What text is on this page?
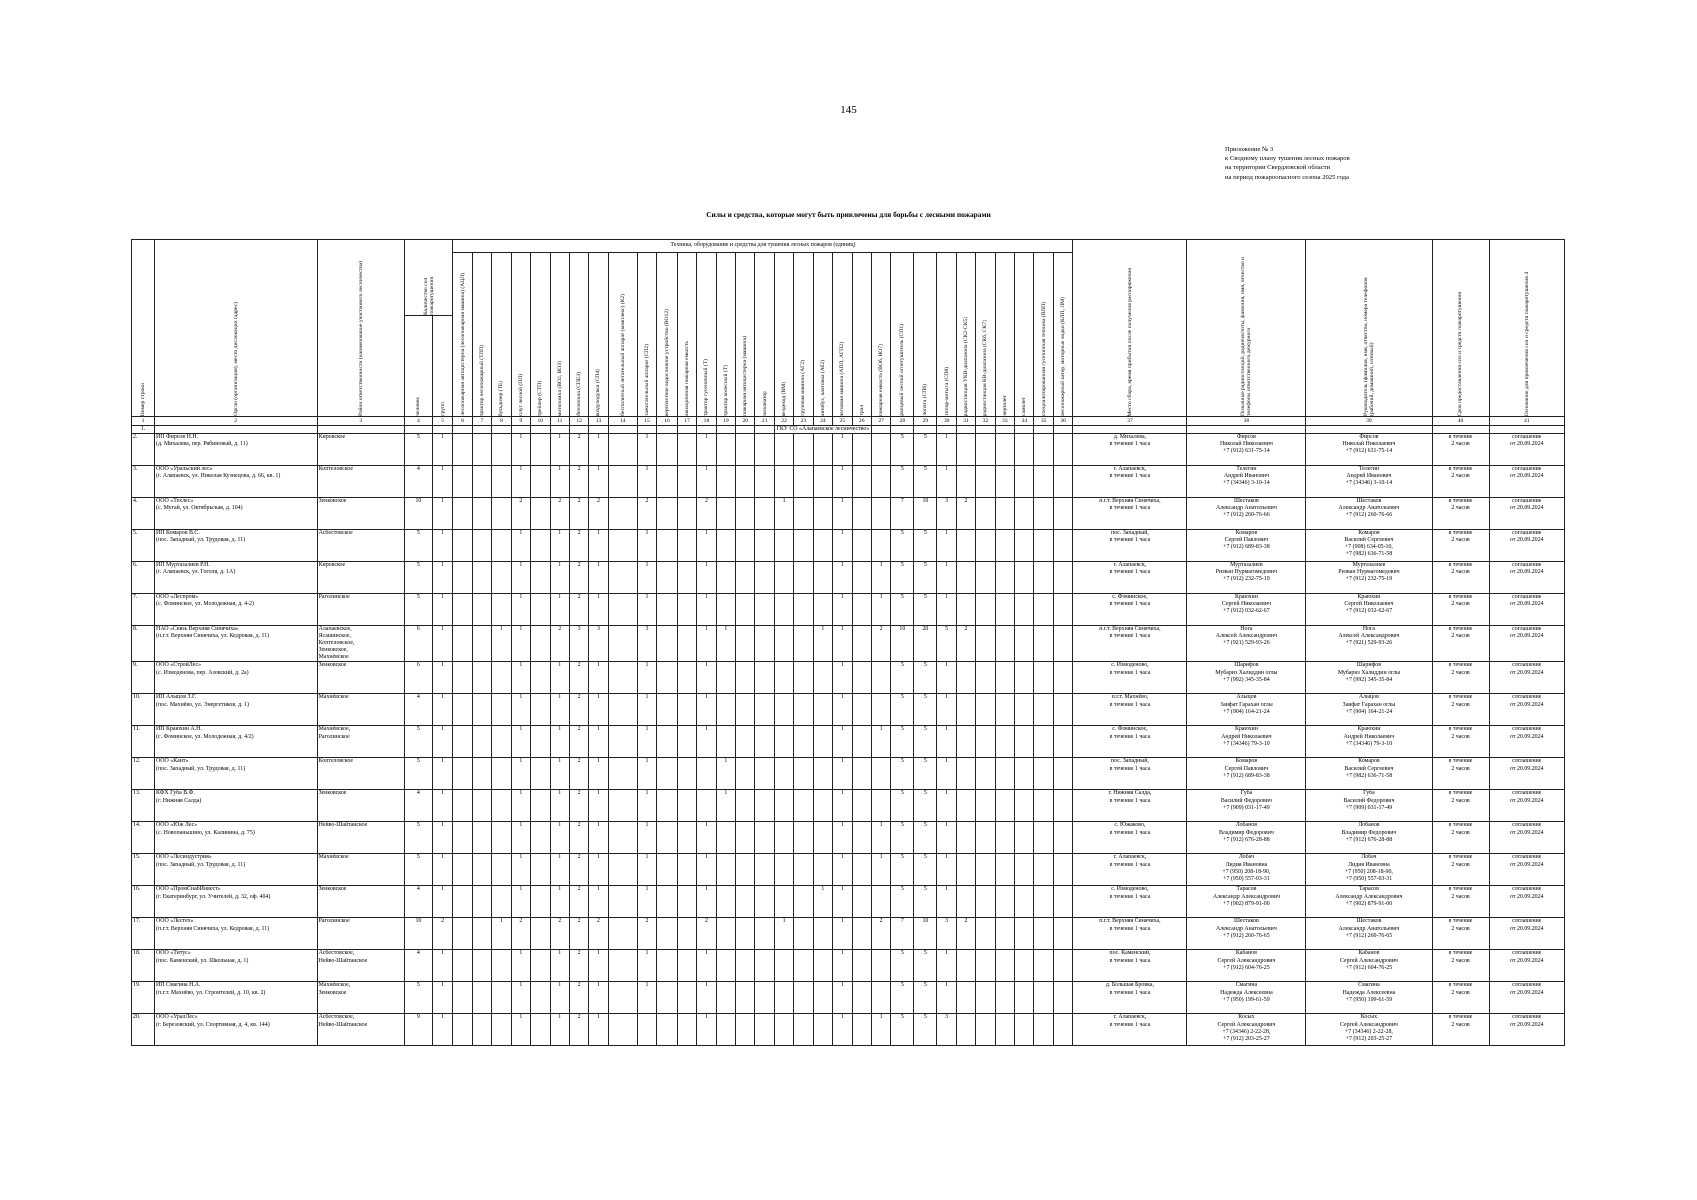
145
Приложение № 3
к Сводному плану тушения лесных пожаров
на территории Свердловской области
на период пожароопасного сезона 2025 года
Силы и средства, которые могут быть привлечены для борьбы с лесными пожарами
Номер строки	Орган (организация), место дислокации (адрес)	Район ответственности (наименование участкового лесничества)	Количество сил пожаротушения		Техника, оборудование и средства для тушения лесных пожаров (единиц)																															Место сбора, время прибытия после получения распоряжения	Позывные радиостанций, радиочастоты, фамилия, имя, отчество и телефоны ответственного дежурного	Руководитель (фамилия, имя, отчество, номера телефонов (рабочий, домашний, сотовый)	Срок предоставления сил и средств пожаротушения	Основание для привлечения сил и средств пожаротушения 4

					лесопожарная автоцистерна (лесопожарная машина) (АЦЛ)	трактор лесопожарный (ТЛП)	бульдозер (ТБ)	плуг лесной (ПЛ)	трейлер (СТП)	мотопомпа (ВО2, ВО3)	бензопила (СПЕ3)	воздуходувка (СП4)	беспилотный летательный аппарат (комплекс) (К2)	зажигательный аппарат (СП2)	вертолетное водосливное устройство (ВО12)	авиационная пожарная емкость	трактор гусеничный (Т)	трактор колесный (Т)	пожарная автоцистерна (машина)	экскаватор	вездеход (ВМ)	грузовая машина (АГ2)	автобус, вахтовка (Аб2)	легковая машина (АПЛ, АГП2)	трал	пожарная емкость (ВОб, ВО7)	ранцевый лесной огнетушитель (СП1)	лопата (СП6)	топор-мотыга (СП8)	радиостанция УКВ-диапазона (СК2-СК5)	радиостанция КВ-диапазона (СК6, СК7)	вертолет	самолет	специализированная гусеничная техника (ВЛП)	лесопожарный катер, моторные лодки (КЛП, ЛМ)					

			человек	групп																																				

1	2	3	4	5	6	7	8	9	10	11	12	13	14	15	16	17	18	19	20	21	22	23	24	25	26	27	28	29	30	31	32	33	34	35	36	37	38	39	40	41
1.																					ГКУ СО «Алапаевское лесничество»																			
2.	ИП Фирсов Н.Н.
(д. Михалева, пер. Рябиновый, д. 11)	Кировское	5	1				1		1	2	1		1			1							1			5	5	1							д. Михалева,
в течение 1 часа	Фирсов
Николай Николаевич
+7 (912) 631-75-14	Фирсов
Николай Николаевич
+7 (912) 631-75-14	в течение
2 часов	соглашение
от 20.09.2024
3.	ООО «Уральский лес»
(г. Алапаевск, ул. Николая Кузнецова, д. 66, кв. 1)	Коптеловское	4	1				1		1	2	1		1			1							1			5	5	1							г. Алапаевск,
в течение 1 часа	Телегин
Андрей Иванович
+7 (34346) 3-10-14	Телегин
Андрей Иванович
+7 (34346) 3-10-14	в течение
2 часов	соглашение
от 20.09.2024
4.	ООО «Техлес»
(с. Мугай, ул. Октябрьская, д. 104)	Зенковское	10	1				2		2	2	2		2			2				1			1			7	10	3	2						п.г.т. Верхняя Синячиха,
в течение 1 часа	Шестаков
Александр Анатольевич
+7 (912) 260-76-66	Шестаков
Александр Анатольевич
+7 (912) 260-76-66	в течение
2 часов	соглашение
от 20.09.2024
5.	ИП Комаров В.С.
(пос. Западный, ул. Трудовая, д. 11)	Асбестовское	5	1				1		1	2	1		1			1							1			5	5	1							пос. Западный,
в течение 1 часа	Комаров
Сергей Павлович
+7 (912) 689-83-38	Комаров
Василий Сергеевич
+7 (908) 634-05-10,
+7 (982) 636-71-58	в течение
2 часов	соглашение
от 20.09.2024
6.	ИП Муртазалиев Р.Н.
(г. Алапаевск, ул. Гоголя, д. 1А)	Кировское	5	1				1		1	2	1		1			1							1		1	5	5	1							г. Алапаевск,
в течение 1 часа	Муртазалиев
Ризван Нурмагомедович
+7 (912) 232-75-19	Муртазалиев
Ризван Нурмагомедович
+7 (912) 232-75-19	в течение
2 часов	соглашение
от 20.09.2024
7.	ООО «Леспром»
(с. Фоминское, ул. Молодежная, д. 4-2)	Раголинское	5	1				1		1	2	1		1			1							1		1	5	5	1							с. Фоминское,
в течение 1 часа	Краюхин
Сергей Николаевич
+7 (912) 032-62-67	Краюхин
Сергей Николаевич
+7 (912) 032-62-67	в течение
2 часов	соглашение
от 20.09.2024
8.	НАО «Связь Верхняя Синячиха»
(п.г.т. Верхняя Синячиха, ул. Кедровая, д. 11)	Алапаевское,
Ясашинское,
Коптеловское,
Зенковское,
Махнёвское	6	1			1	1		2	3	3		3			1	1					1	1		2	10	20	5	2						п.г.т. Верхняя Синячиха,
в течение 1 часа	Нога
Алексей Александрович
+7 (921) 529-93-26	Нога
Алексей Александрович
+7 (921) 529-93-26	в течение
2 часов	соглашение
от 20.09.2024
9.	ООО «СтройЛес»
(с. Измоденова, пер. Азовский, д. 2а)	Зенковское	6	1				1		1	2	1		1			1							1			5	5	1							с. Измоденово,
в течение 1 часа	Шарифов
Мубариз Халиддин оглы
+7 (992) 345-35-84	Шарифов
Мубариз Халиддин оглы
+7 (992) 345-35-84	в течение
2 часов	соглашение
от 20.09.2024
10.	ИП Алыцов З.Г.
(пос. Махнёво, ул. Энергетиков, д. 1)	Махнёвское	4	1				1		1	2	1		1			1							1			5	5	1							п.г.т. Махнёво,
в течение 1 часа	Алыцов
Заифат Гарахан оглы
+7 (904) 164-21-24	Алыцов
Заифат Гарахан оглы
+7 (904) 164-21-24	в течение
2 часов	соглашение
от 20.09.2024
11.	ИП Краюхин А.Н.
(с. Фоминское, ул. Молодежная, д. 4/2)	Махнёвское,
Раголинское	5	1				1		1	2	1		1			1							1		1	5	5	1							с. Фоминское,
в течение 1 часа	Краюхин
Андрей Николаевич
+7 (34346) 79-3-10	Краюхин
Андрей Николаевич
+7 (34346) 79-3-10	в течение
2 часов	соглашение
от 20.09.2024
12.	ООО «Кант»
(пос. Западный, ул. Трудовая, д. 11)	Коптеловское	5	1				1		1	2	1		1				1						1			5	5	1							пос. Западный,
в течение 1 часа	Комаров
Сергей Павлович
+7 (912) 689-83-38	Комаров
Василий Сергеевич
+7 (982) 636-71-58	в течение
2 часов	соглашение
от 20.09.2024
13.	КФХ Губа В.Ф.
(г. Нижняя Салда)	Зенковское	4	1				1		1	2	1		1				1						1			5	5	1							г. Нижняя Салда,
в течение 1 часа	Губа
Василий Федорович
+7 (909) 031-17-49	Губа
Василий Федорович
+7 (909) 031-17-49	в течение
2 часов	соглашение
от 20.09.2024
14.	ООО «Юж Лес»
(с. Новопаньшино, ул. Калинина, д. 75)	Нейво-Шайтанское	5	1				1		1	2	1		1			1							1		1	5	5	1							с. Южаково,
в течение 1 часа	Лобанов
Владимир Федорович
+7 (912) 676-28-88	Лобанов
Владимир Федорович
+7 (912) 676-28-88	в течение
2 часов	соглашение
от 20.09.2024
15.	ООО «Лесиндустрия»
(пос. Западный, ул. Трудовая, д. 11)	Махнёвское	5	1				1		1	2	1		1			1							1		1	5	5	1							г. Алапаевск,
в течение 1 часа	Лобач
Лидия Ивановна
+7 (950) 208-18-90,
+7 (950) 557-03-31	Лобач
Лидия Ивановна
+7 (950) 208-18-90,
+7 (950) 557-03-31	в течение
2 часов	соглашение
от 20.09.2024
16.	ООО «ПромСнабИнвест»
(г. Екатеринбург, ул. Учителей, д. 32, оф. 404)	Зенковское	4	1				1		1	2	1		1			1						1	1			5	5	1							с. Измоденово,
в течение 1 часа	Тарасов
Александр Александрович
+7 (902) 879-91-00	Тарасов
Александр Александрович
+7 (902) 879-91-00	в течение
2 часов	соглашение
от 20.09.2024
17.	ООО «Лестех»
(п.г.т. Верхняя Синячиха, ул. Кедровая, д. 11)	Раголинское	10	2			1	2		2	2	2		2			2				1			1		2	7	10	3	2						п.г.т. Верхняя Синячиха,
в течение 1 часа	Шестаков
Александр Анатольевич
+7 (912) 260-76-65	Шестаков
Александр Анатольевич
+7 (912) 260-76-65	в течение
2 часов	соглашение
от 20.09.2024
18.	ООО «Титус»
(пос. Каменский, ул. Школьная, д. 1)	Асбестовское,
Нейво-Шайтанское	4	1				1		1	2	1		1			1							1			5	5	1							пос. Каменский,
в течение 1 часа	Кабанов
Сергей Александрович
+7 (912) 604-76-25	Кабанов
Сергей Александрович
+7 (912) 604-76-25	в течение
2 часов	соглашение
от 20.09.2024
19.	ИП Смагина Н.А.
(п.г.т. Махнёво, ул. Строителей, д. 10, кв. 2)	Махнёвское,
Зенковское	5	1				1		1	2	1		1			1							1			5	5	1							д. Большая Бровка,
в течение 1 часа	Смагина
Надежда Алексеевна
+7 (950) 199-61-59	Смагина
Надежда Алексеевна
+7 (950) 199-61-59	в течение
2 часов	соглашение
от 20.09.2024
20.	ООО «УралЛес»
(г. Березовский, ул. Спортивная, д. 4, кв. 144)	Асбестовское,
Нейво-Шайтанское	9	1				1		1	2	1					1							1		1	5	5	3							г. Алапаевск,
в течение 1 часа	Косых
Сергей Александрович
+7 (34346) 2-22-28,
+7 (912) 203-25-27	Косых
Сергей Александрович
+7 (34346) 2-22-28,
+7 (912) 203-25-27	в течение
2 часов	соглашение
от 20.09.2024
